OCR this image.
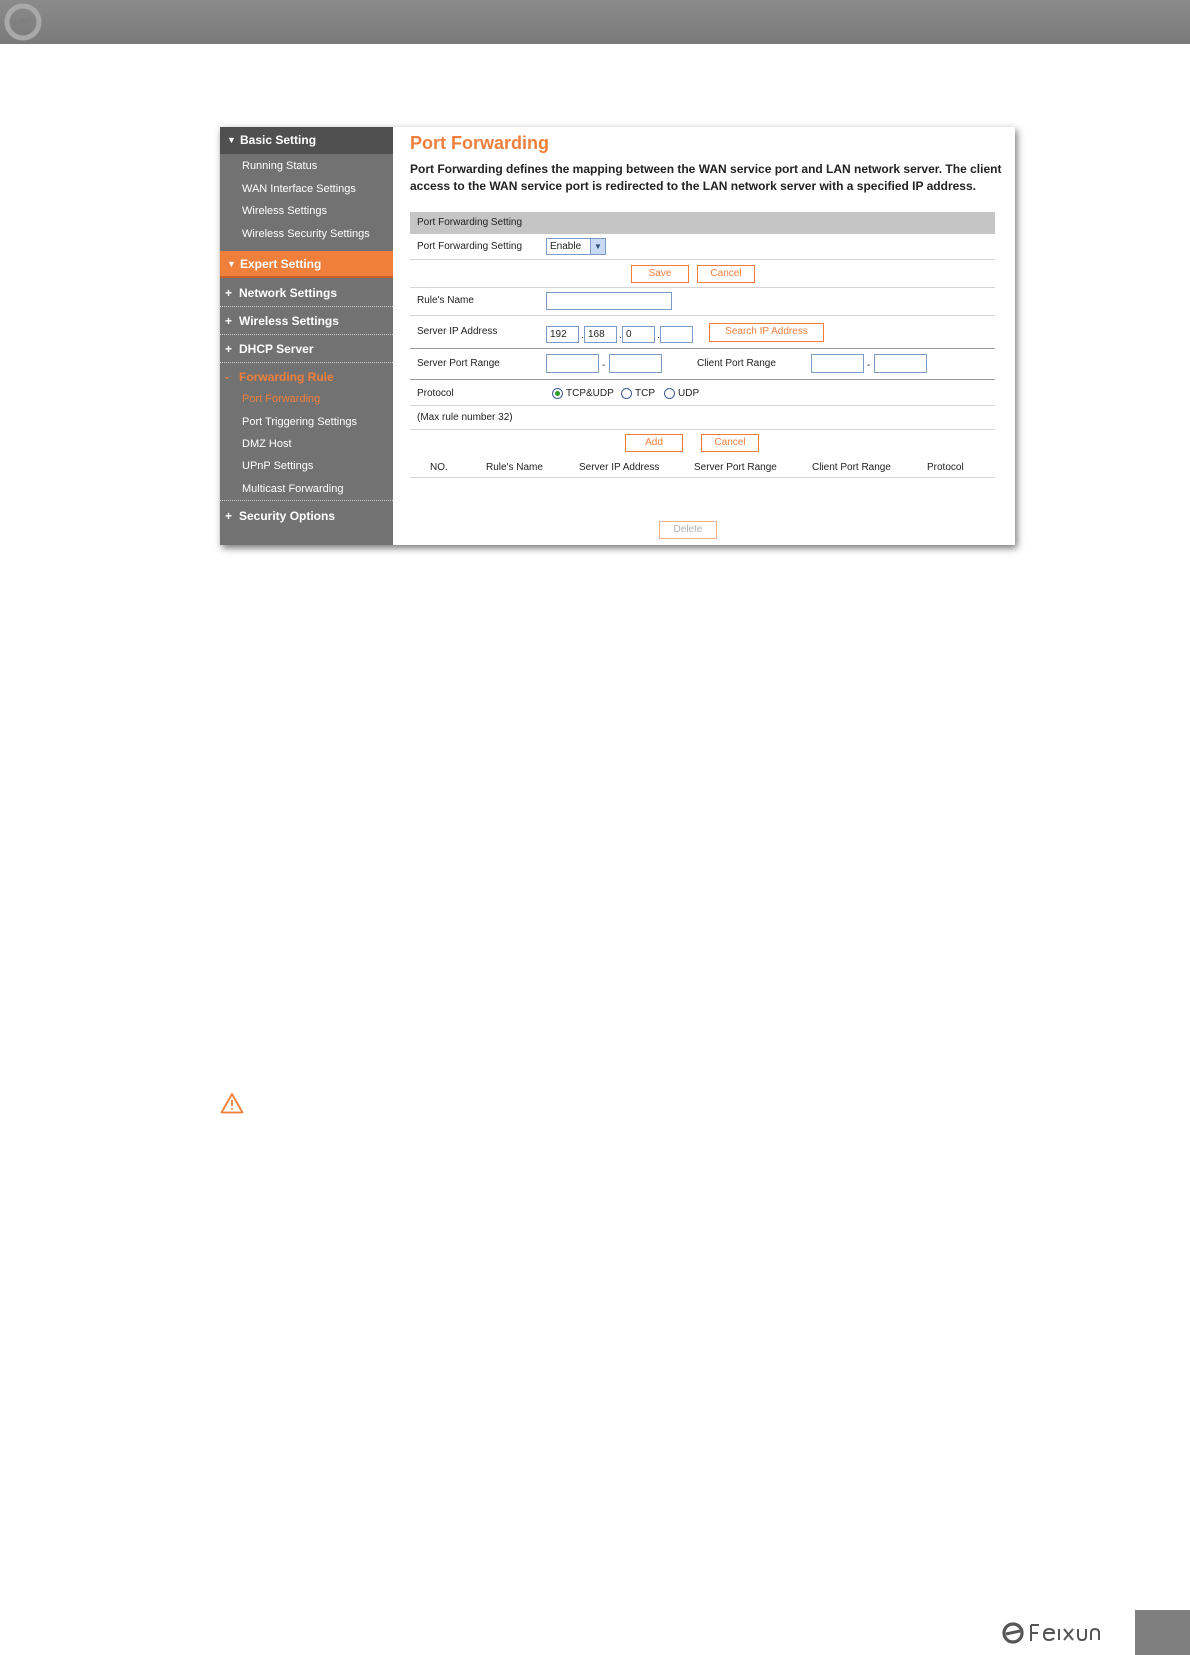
▼ Basic Setting
Running Status
WAN Interface Settings
Wireless Settings
Wireless Security Settings
▼ Expert Setting
+ Network Settings
+ Wireless Settings
+ DHCP Server
- Forwarding Rule
Port Forwarding
Port Triggering Settings
DMZ Host
UPnP Settings
Multicast Forwarding
+ Security Options
Port Forwarding
Port Forwarding defines the mapping between the WAN service port and LAN network server. The client access to the WAN service port is redirected to the LAN network server with a specified IP address.
Port Forwarding Setting
Port Forwarding Setting	Enable	▼
Save	Cancel
Rule's Name
Server IP Address	192	. 168	. 0	.	Search IP Address
Server Port Range	-	Client Port Range	-
Protocol	TCP&UDP TCP UDP
(Max rule number 32)
Add	Cancel
NO.	Rule's Name	Server IP Address	Server Port Range	Client Port Range	Protocol
Delete
